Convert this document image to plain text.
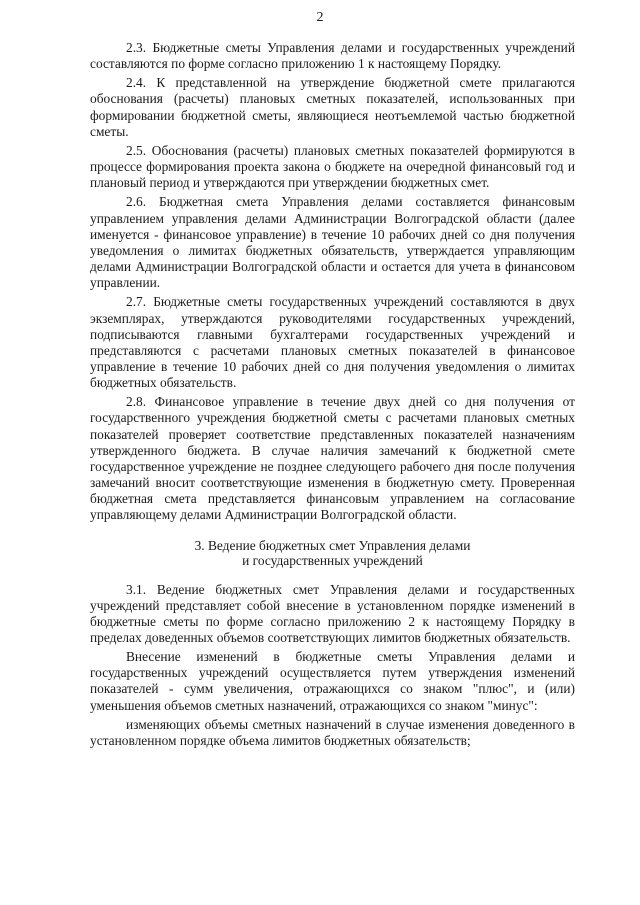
2

2.3. Бюджетные сметы Управления делами и государственных учреждений составляются по форме согласно приложению 1 к настоящему Порядку.

2.4. К представленной на утверждение бюджетной смете прилагаются обоснования (расчеты) плановых сметных показателей, использованных при формировании бюджетной сметы, являющиеся неотъемлемой частью бюджетной сметы.

2.5. Обоснования (расчеты) плановых сметных показателей формируются в процессе формирования проекта закона о бюджете на очередной финансовый год и плановый период и утверждаются при утверждении бюджетных смет.

2.6. Бюджетная смета Управления делами составляется финансовым управлением управления делами Администрации Волгоградской области (далее именуется - финансовое управление) в течение 10 рабочих дней со дня получения уведомления о лимитах бюджетных обязательств, утверждается управляющим делами Администрации Волгоградской области и остается для учета в финансовом управлении.

2.7. Бюджетные сметы государственных учреждений составляются в двух экземплярах, утверждаются руководителями государственных учреждений, подписываются главными бухгалтерами государственных учреждений и представляются с расчетами плановых сметных показателей в финансовое управление в течение 10 рабочих дней со дня получения уведомления о лимитах бюджетных обязательств.

2.8. Финансовое управление в течение двух дней со дня получения от государственного учреждения бюджетной сметы с расчетами плановых сметных показателей проверяет соответствие представленных показателей назначениям утвержденного бюджета. В случае наличия замечаний к бюджетной смете государственное учреждение не позднее следующего рабочего дня после получения замечаний вносит соответствующие изменения в бюджетную смету. Проверенная бюджетная смета представляется финансовым управлением на согласование управляющему делами Администрации Волгоградской области.

3. Ведение бюджетных смет Управления делами
и государственных учреждений

3.1. Ведение бюджетных смет Управления делами и государственных учреждений представляет собой внесение в установленном порядке изменений в бюджетные сметы по форме согласно приложению 2 к настоящему Порядку в пределах доведенных объемов соответствующих лимитов бюджетных обязательств.

Внесение изменений в бюджетные сметы Управления делами и государственных учреждений осуществляется путем утверждения изменений показателей - сумм увеличения, отражающихся со знаком "плюс", и (или) уменьшения объемов сметных назначений, отражающихся со знаком "минус":

изменяющих объемы сметных назначений в случае изменения доведенного в установленном порядке объема лимитов бюджетных обязательств;
